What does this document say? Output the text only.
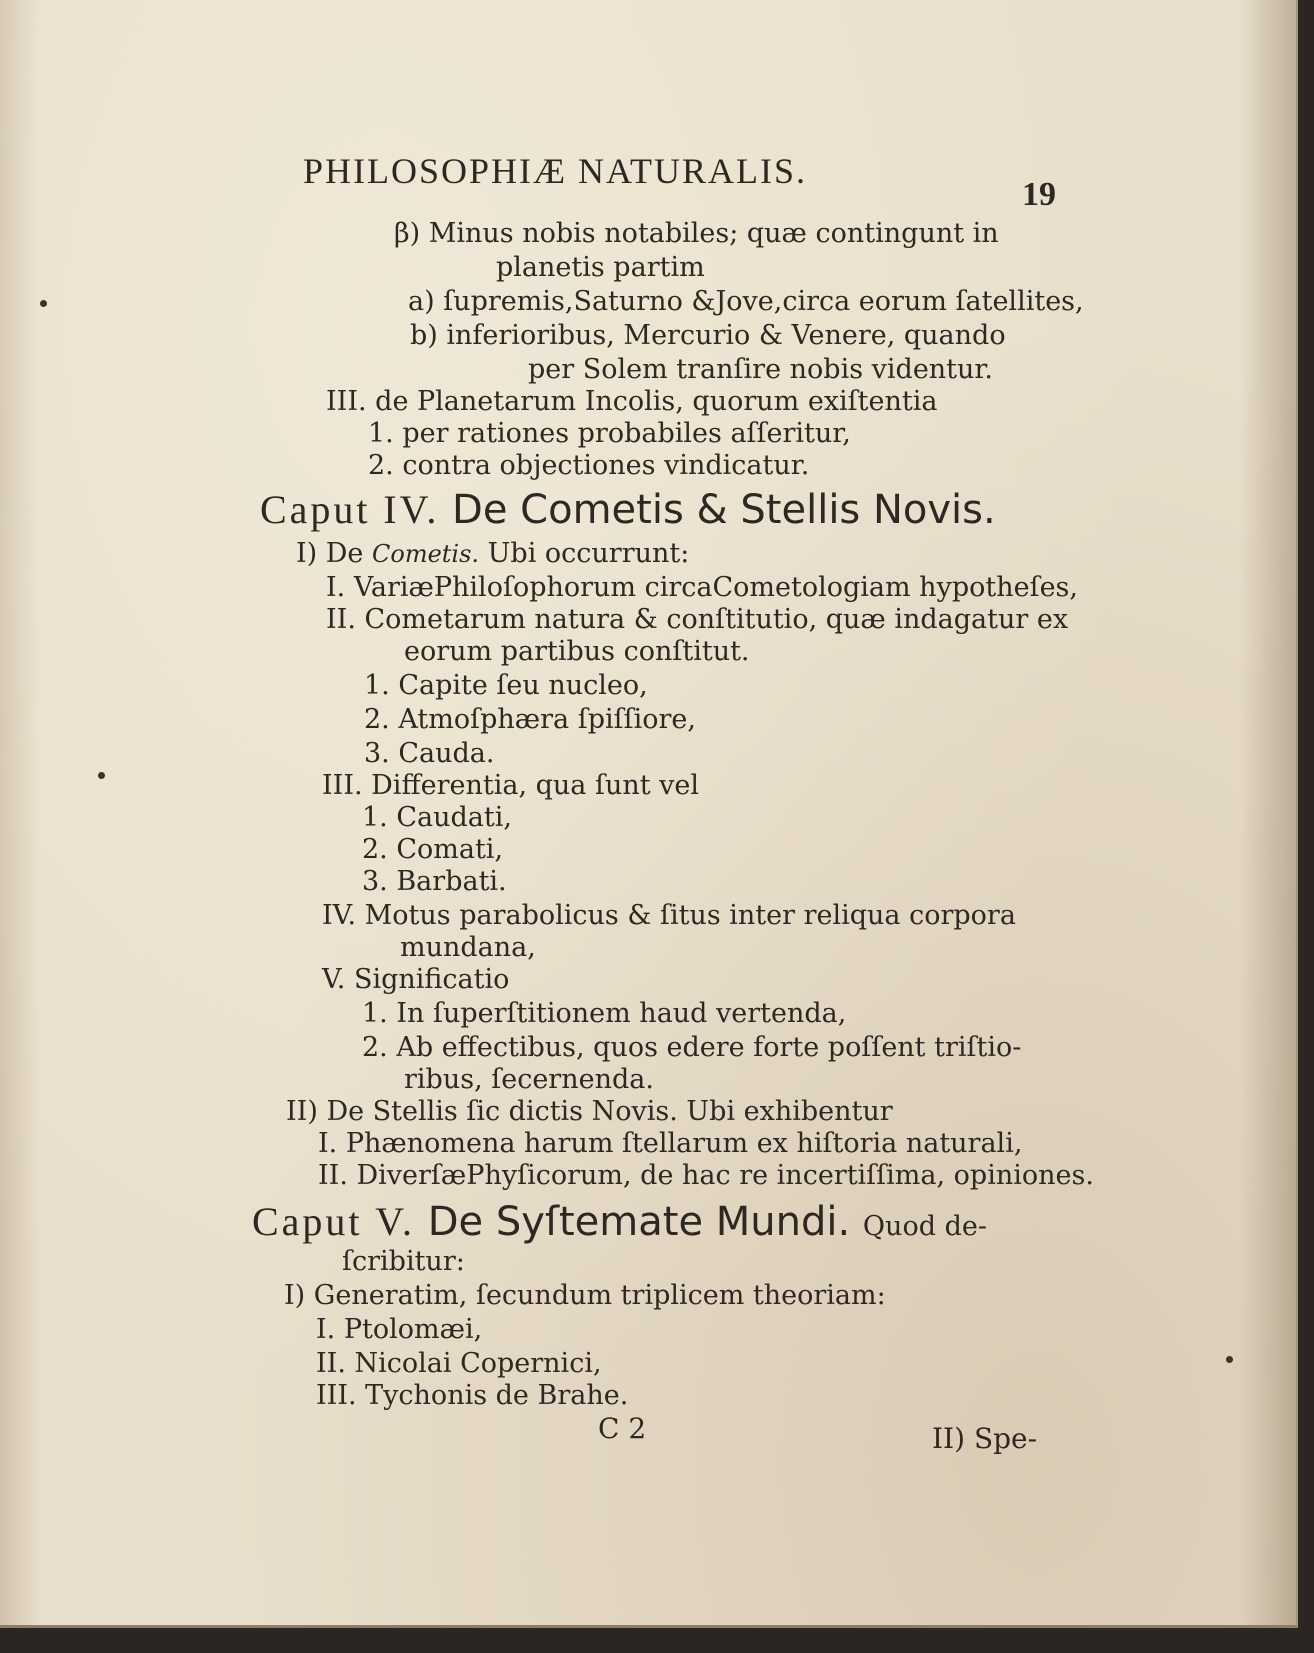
PHILOSOPHIÆ NATURALIS.
19
β) Minus nobis notabiles; quæ contingunt in
planetis partim
a) ſupremis,Saturno &Jove,circa eorum ſatellites,
b) inferioribus, Mercurio & Venere, quando
per Solem tranſire nobis videntur.
III. de Planetarum Incolis, quorum exiſtentia
1. per rationes probabiles aſſeritur,
2. contra objectiones vindicatur.
Caput IV. De Cometis & Stellis Novis.
I) De Cometis. Ubi occurrunt:
I. VariæPhiloſophorum circaCometologiam hypotheſes,
II. Cometarum natura & conſtitutio, quæ indagatur ex
eorum partibus conſtitut.
1. Capite ſeu nucleo,
2. Atmoſphæra ſpiſſiore,
3. Cauda.
III. Differentia, qua ſunt vel
1. Caudati,
2. Comati,
3. Barbati.
IV. Motus parabolicus & ſitus inter reliqua corpora
mundana,
V. Significatio
1. In ſuperſtitionem haud vertenda,
2. Ab effectibus, quos edere forte poſſent triſtio-
ribus, ſecernenda.
II) De Stellis ſic dictis Novis. Ubi exhibentur
I. Phænomena harum ſtellarum ex hiſtoria naturali,
II. DiverſæPhyſicorum, de hac re incertiſſima, opiniones.
Caput V. De Syſtemate Mundi. Quod de-
ſcribitur:
I) Generatim, ſecundum triplicem theoriam:
I. Ptolomæi,
II. Nicolai Copernici,
III. Tychonis de Brahe.
C 2	II) Spe-
